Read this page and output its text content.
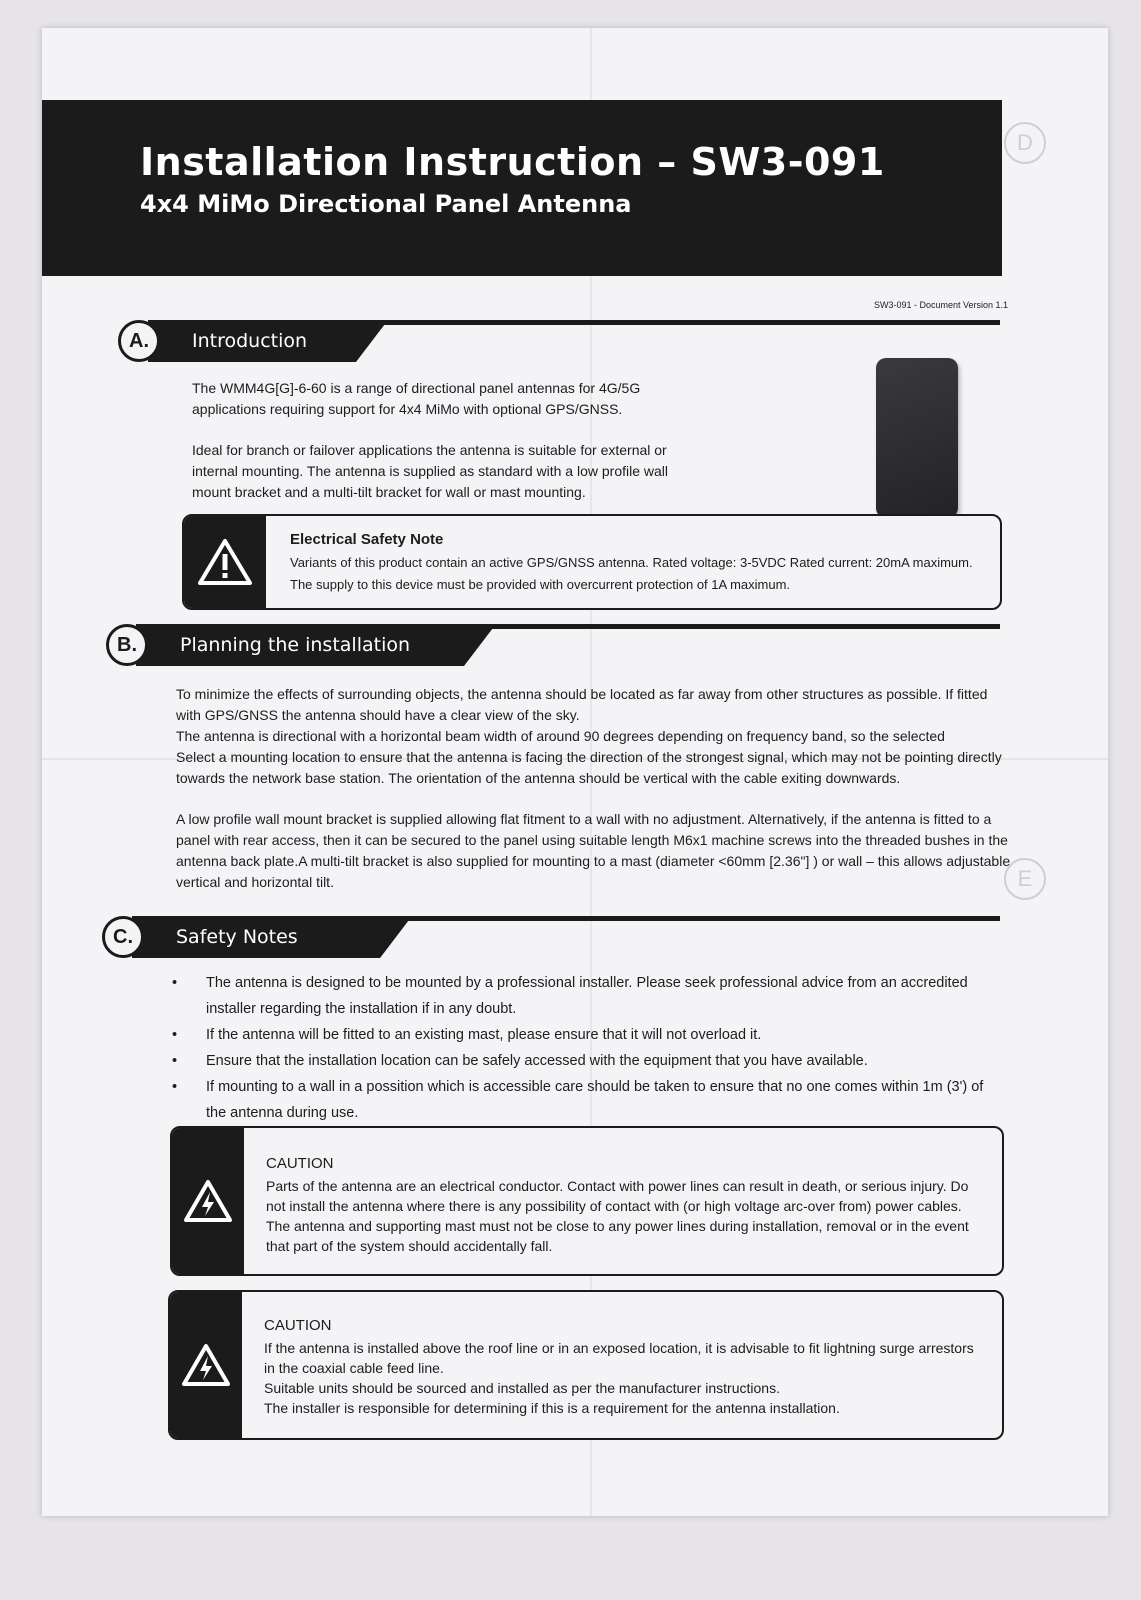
D
E
Installation Instruction – SW3-091
4x4 MiMo Directional Panel Antenna
SW3-091 - Document Version 1.1
A.	Introduction

The WMM4G[G]-6-60 is a range of directional panel antennas for 4G/5G applications requiring support for 4x4 MiMo with optional GPS/GNSS.

Ideal for branch or failover applications the antenna is suitable for external or internal mounting. The antenna is supplied as standard with a low profile wall mount bracket and a multi-tilt bracket for wall or mast mounting.

Electrical Safety Note
Variants of this product contain an active GPS/GNSS antenna. Rated voltage: 3-5VDC Rated current: 20mA maximum. The supply to this device must be provided with overcurrent protection of 1A maximum.
B.	Planning the installation

To minimize the effects of surrounding objects, the antenna should be located as far away from other structures as possible. If fitted with GPS/GNSS the antenna should have a clear view of the sky.

The antenna is directional with a horizontal beam width of around 90 degrees depending on frequency band, so the selected

Select a mounting location to ensure that the antenna is facing the direction of the strongest signal, which may not be pointing directly towards the network base station. The orientation of the antenna should be vertical with the cable exiting downwards.

A low profile wall mount bracket is supplied allowing flat fitment to a wall with no adjustment. Alternatively, if the antenna is fitted to a panel with rear access, then it can be secured to the panel using suitable length M6x1 machine screws into the threaded bushes in the antenna back plate.A multi-tilt bracket is also supplied for mounting to a mast (diameter <60mm [2.36"] ) or wall – this allows adjustable vertical and horizontal tilt.

C.	Safety Notes
• The antenna is designed to be mounted by a professional installer. Please seek professional advice from an accredited installer regarding the installation if in any doubt.
• If the antenna will be fitted to an existing mast, please ensure that it will not overload it.
• Ensure that the installation location can be safely accessed with the equipment that you have available.
• If mounting to a wall in a possition which is accessible care should be taken to ensure that no one comes within 1m (3') of the antenna during use.
CAUTION
Parts of the antenna are an electrical conductor. Contact with power lines can result in death, or serious injury. Do not install the antenna where there is any possibility of contact with (or high voltage arc-over from) power cables. The antenna and supporting mast must not be close to any power lines during installation, removal or in the event that part of the system should accidentally fall.
CAUTION
If the antenna is installed above the roof line or in an exposed location, it is advisable to fit lightning surge arrestors in the coaxial cable feed line.
Suitable units should be sourced and installed as per the manufacturer instructions.
The installer is responsible for determining if this is a requirement for the antenna installation.
